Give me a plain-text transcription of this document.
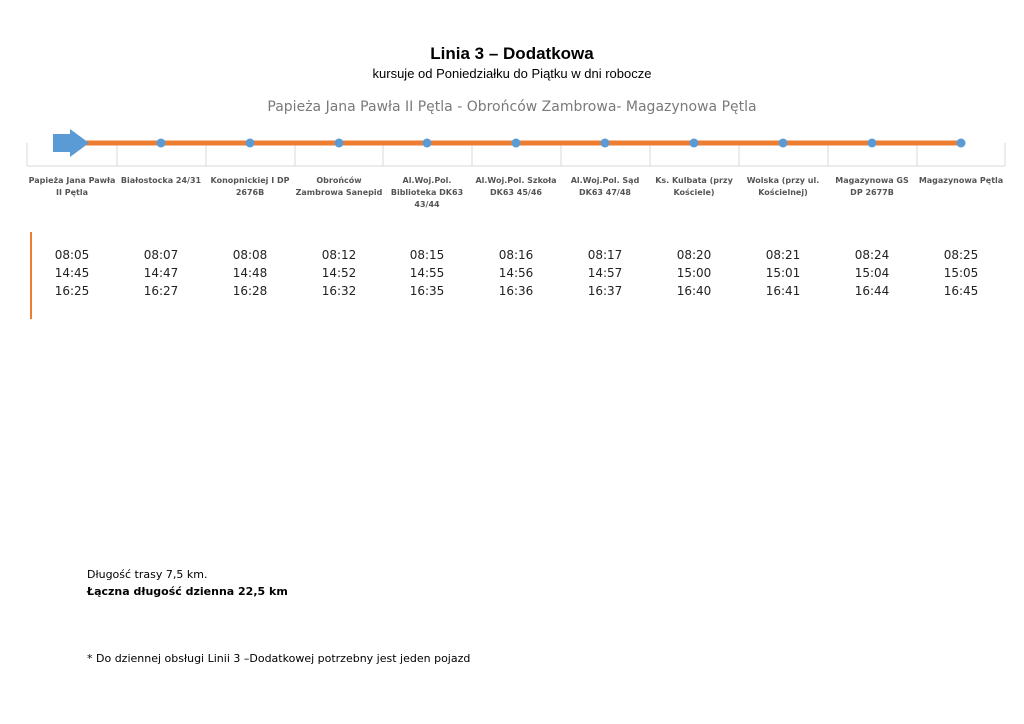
Linia 3 – Dodatkowa
kursuje od Poniedziałku do Piątku w dni robocze
Papieża Jana Pawła II Pętla - Obrońców Zambrowa- Magazynowa Pętla
Papieża Jana Pawła II Pętla
Białostocka 24/31	Konopnickiej I DP 2676B
Obrońców Zambrowa Sanepid
Al.Woj.Pol. Biblioteka DK63 43/44
Al.Woj.Pol. Szkoła DK63 45/46
Al.Woj.Pol. Sąd DK63 47/48
Ks. Kulbata (przy Kościele)
Wolska (przy ul. Kościelnej)
Magazynowa GS DP 2677B
Magazynowa Pętla
08:05
14:45
16:25
08:07
14:47
16:27
08:08
14:48
16:28
08:12
14:52
16:32
08:15
14:55
16:35
08:16
14:56
16:36
08:17
14:57
16:37
08:20
15:00
16:40
08:21
15:01
16:41
08:24
15:04
16:44
08:25
15:05
16:45
Długość trasy 7,5 km.
Łączna długość dzienna 22,5 km
* Do dziennej obsługi Linii 3 –Dodatkowej potrzebny jest jeden pojazd
